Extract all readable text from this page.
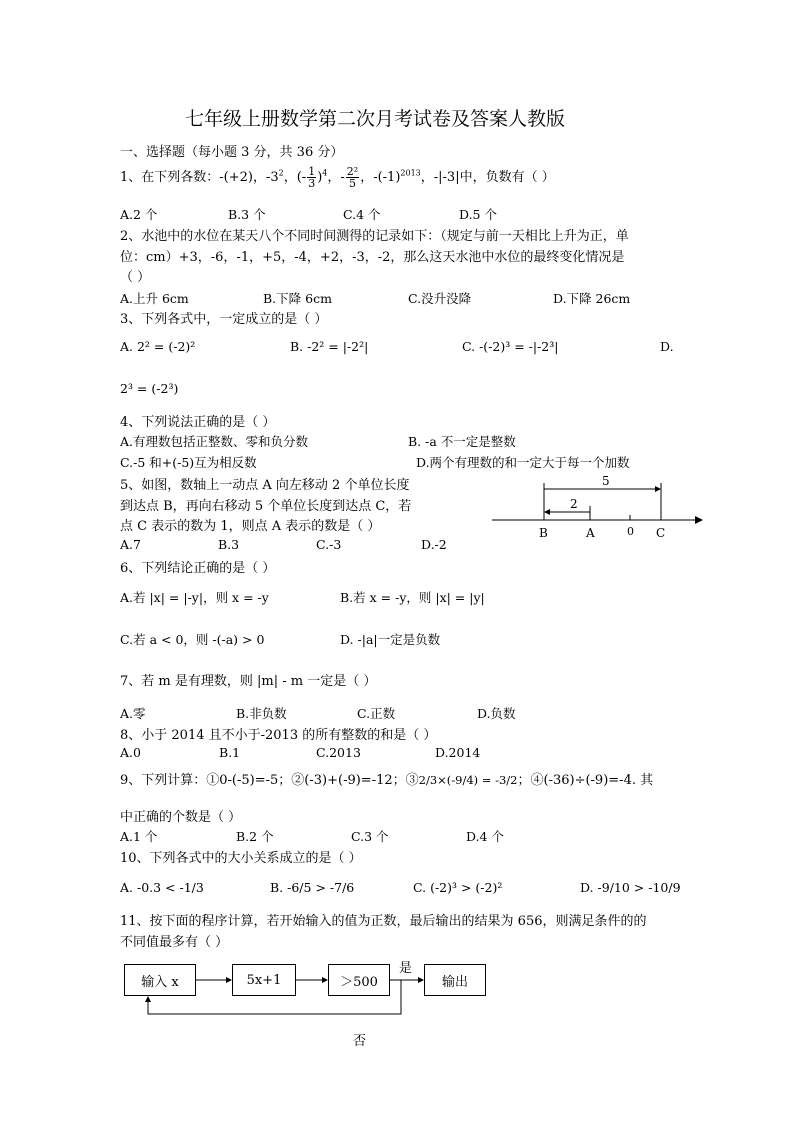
七年级上册数学第二次月考试卷及答案人教版
一、选择题（每小题 3 分，共 36 分）
1、在下列各数：-(+2)，$-3^2$，(- $\frac{1}{3} )^4$，- $\frac{\text{2²}}{5}$ ，$-(-1)^{2013}$，-|-3|中，负数有（ ）
A.2 个	B.3 个	C.4 个	D.5 个
2、水池中的水位在某天八个不同时间测得的记录如下：（规定与前一天相比上升为正，单
位：cm）+3，-6，-1，+5，-4，+2，-3，-2，那么这天水池中水位的最终变化情况是
（ ）
A.上升 6cm	B.下降 6cm	C.没升没降	D.下降 26cm
3、下列各式中，一定成立的是（ ）
A. 2² = (-2)²	B. -2² = |-2²|	C. -(-2)³ = -|-2³|	D.
2³ = (-2³)
4、下列说法正确的是（ ）
A.有理数包括正整数、零和负分数	B. -a 不一定是整数
C.-5 和+(-5)互为相反数	D.两个有理数的和一定大于每一个加数
5、如图，数轴上一动点 A 向左移动 2 个单位长度
到达点 B，再向右移动 5 个单位长度到达点 C，若
点 C 表示的数为 1，则点 A 表示的数是（ ）
A.7	B.3	C.-3	D.-2
5
2
B	A	0 C
6、下列结论正确的是（ ）
A.若 |x| = |-y|，则 x = -y	B.若 x = -y，则 |x| = |y|
C.若 a < 0，则 -(-a) > 0	D. -|a|一定是负数
7、若 m 是有理数，则 |m| - m 一定是（ ）
A.零	B.非负数	C.正数	D.负数
8、小于 2014 且不小于-2013 的所有整数的和是（ ）
A.0	B.1	C.2013	D.2014
9、下列计算：①0-(-5)=-5；②(-3)+(-9)=-12；③2/3×(-9/4) = -3/2；④(-36)÷(-9)=-4. 其
中正确的个数是（ ）
A.1 个	B.2 个	C.3 个	D.4 个
10、下列各式中的大小关系成立的是（ ）
A. -0.3 < -1/3	B. -6/5 > -7/6	C. (-2)³ > (-2)²	D. -9/10 > -10/9
11、按下面的程序计算，若开始输入的值为正数，最后输出的结果为 656，则满足条件的的
不同值最多有（ ）
输入 x	5x+1	＞500	输出
是
否
